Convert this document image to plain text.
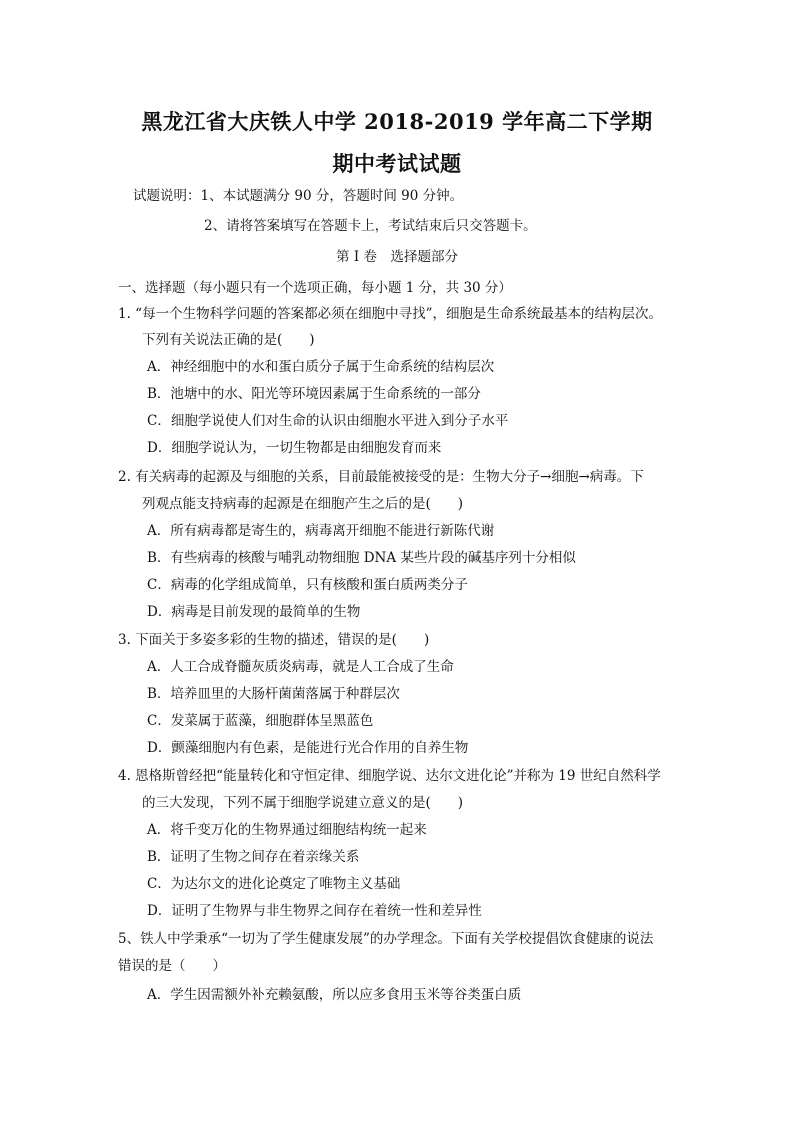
黑龙江省大庆铁人中学 2018-2019 学年高二下学期
期中考试试题
试题说明：1、本试题满分 90 分，答题时间 90 分钟。
2、请将答案填写在答题卡上，考试结束后只交答题卡。
第 I 卷　选择题部分
一、选择题（每小题只有一个选项正确，每小题 1 分，共 30 分）
1. “每一个生物科学问题的答案都必须在细胞中寻找”，细胞是生命系统最基本的结构层次。
下列有关说法正确的是(　　)
A．神经细胞中的水和蛋白质分子属于生命系统的结构层次
B．池塘中的水、阳光等环境因素属于生命系统的一部分
C．细胞学说使人们对生命的认识由细胞水平进入到分子水平
D．细胞学说认为，一切生物都是由细胞发育而来
2. 有关病毒的起源及与细胞的关系，目前最能被接受的是：生物大分子→细胞→病毒。下
列观点能支持病毒的起源是在细胞产生之后的是(　　)
A．所有病毒都是寄生的，病毒离开细胞不能进行新陈代谢
B．有些病毒的核酸与哺乳动物细胞 DNA 某些片段的碱基序列十分相似
C．病毒的化学组成简单，只有核酸和蛋白质两类分子
D．病毒是目前发现的最简单的生物
3. 下面关于多姿多彩的生物的描述，错误的是(　　)
A．人工合成脊髓灰质炎病毒，就是人工合成了生命
B．培养皿里的大肠杆菌菌落属于种群层次
C．发菜属于蓝藻，细胞群体呈黑蓝色
D．颤藻细胞内有色素，是能进行光合作用的自养生物
4. 恩格斯曾经把“能量转化和守恒定律、细胞学说、达尔文进化论”并称为 19 世纪自然科学
的三大发现，下列不属于细胞学说建立意义的是(　　)
A．将千变万化的生物界通过细胞结构统一起来
B．证明了生物之间存在着亲缘关系
C．为达尔文的进化论奠定了唯物主义基础
D．证明了生物界与非生物界之间存在着统一性和差异性
5、铁人中学秉承“一切为了学生健康发展”的办学理念。下面有关学校提倡饮食健康的说法
错误的是（　　）
A．学生因需额外补充赖氨酸，所以应多食用玉米等谷类蛋白质
